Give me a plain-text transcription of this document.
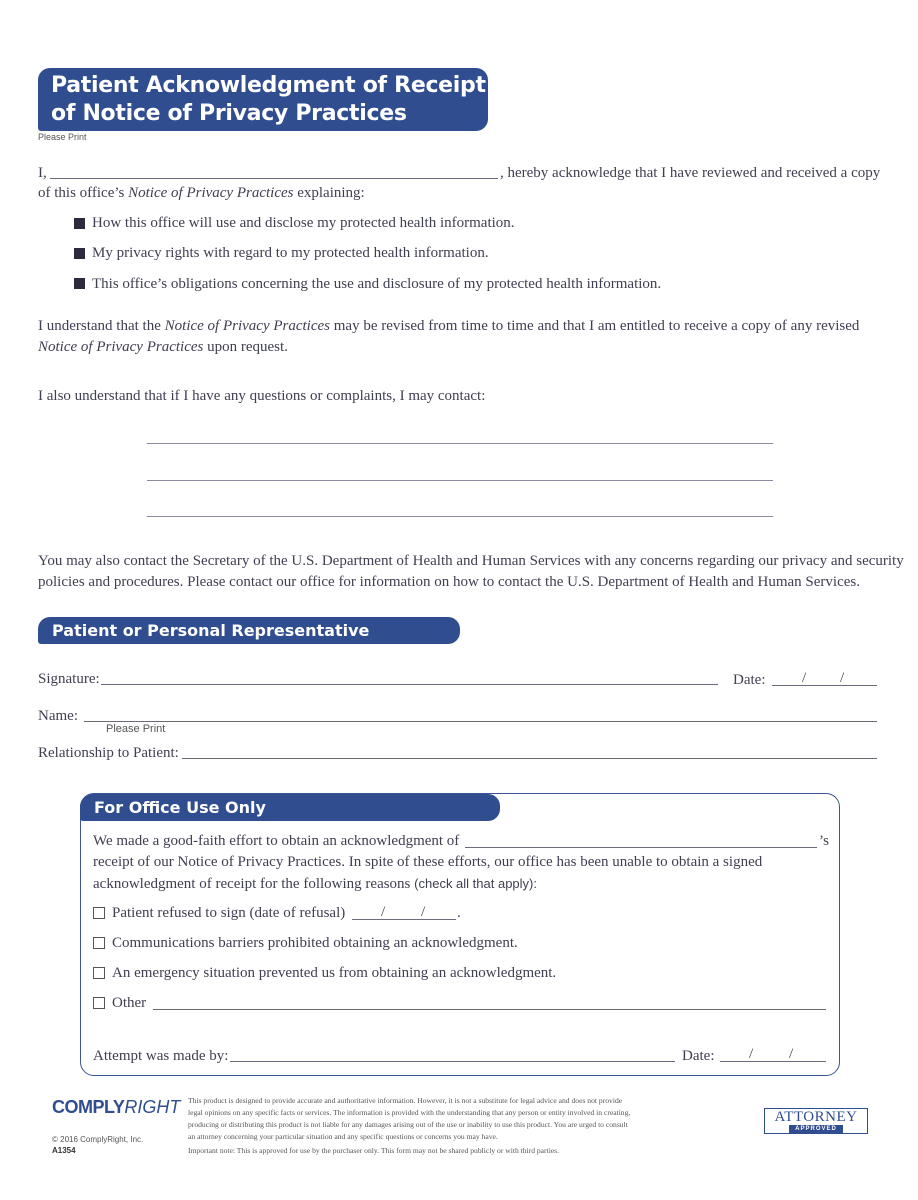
Patient Acknowledgment of Receipt
of Notice of Privacy Practices
Please Print
I,	, hereby acknowledge that I have reviewed and received a copy
of this office’s Notice of Privacy Practices explaining:
How this office will use and disclose my protected health information.
My privacy rights with regard to my protected health information.
This office’s obligations concerning the use and disclosure of my protected health information.
I understand that the Notice of Privacy Practices may be revised from time to time and that I am entitled to receive a copy of any revised
Notice of Privacy Practices upon request.
I also understand that if I have any questions or complaints, I may contact:
You may also contact the Secretary of the U.S. Department of Health and Human Services with any concerns regarding our privacy and security
policies and procedures. Please contact our office for information on how to contact the U.S. Department of Health and Human Services.
Patient or Personal Representative
Signature:	Date: / /
Name:
Please Print
Relationship to Patient:
For Office Use Only
We made a good-faith effort to obtain an acknowledgment of	’s
receipt of our Notice of Privacy Practices. In spite of these efforts, our office has been unable to obtain a signed
acknowledgment of receipt for the following reasons (check all that apply):
Patient refused to sign (date of refusal) / / .
Communications barriers prohibited obtaining an acknowledgment.
An emergency situation prevented us from obtaining an acknowledgment.
Other
Attempt was made by:	Date: / /
COMPLYRIGHT
© 2016 ComplyRight, Inc.
A1354
This product is designed to provide accurate and authoritative information. However, it is not a substitute for legal advice and does not provide
legal opinions on any specific facts or services. The information is provided with the understanding that any person or entity involved in creating,
producing or distributing this product is not liable for any damages arising out of the use or inability to use this product. You are urged to consult
an attorney concerning your particular situation and any specific questions or concerns you may have.
Important note: This is approved for use by the purchaser only. This form may not be shared publicly or with third parties.
ATTORNEY
APPROVED
